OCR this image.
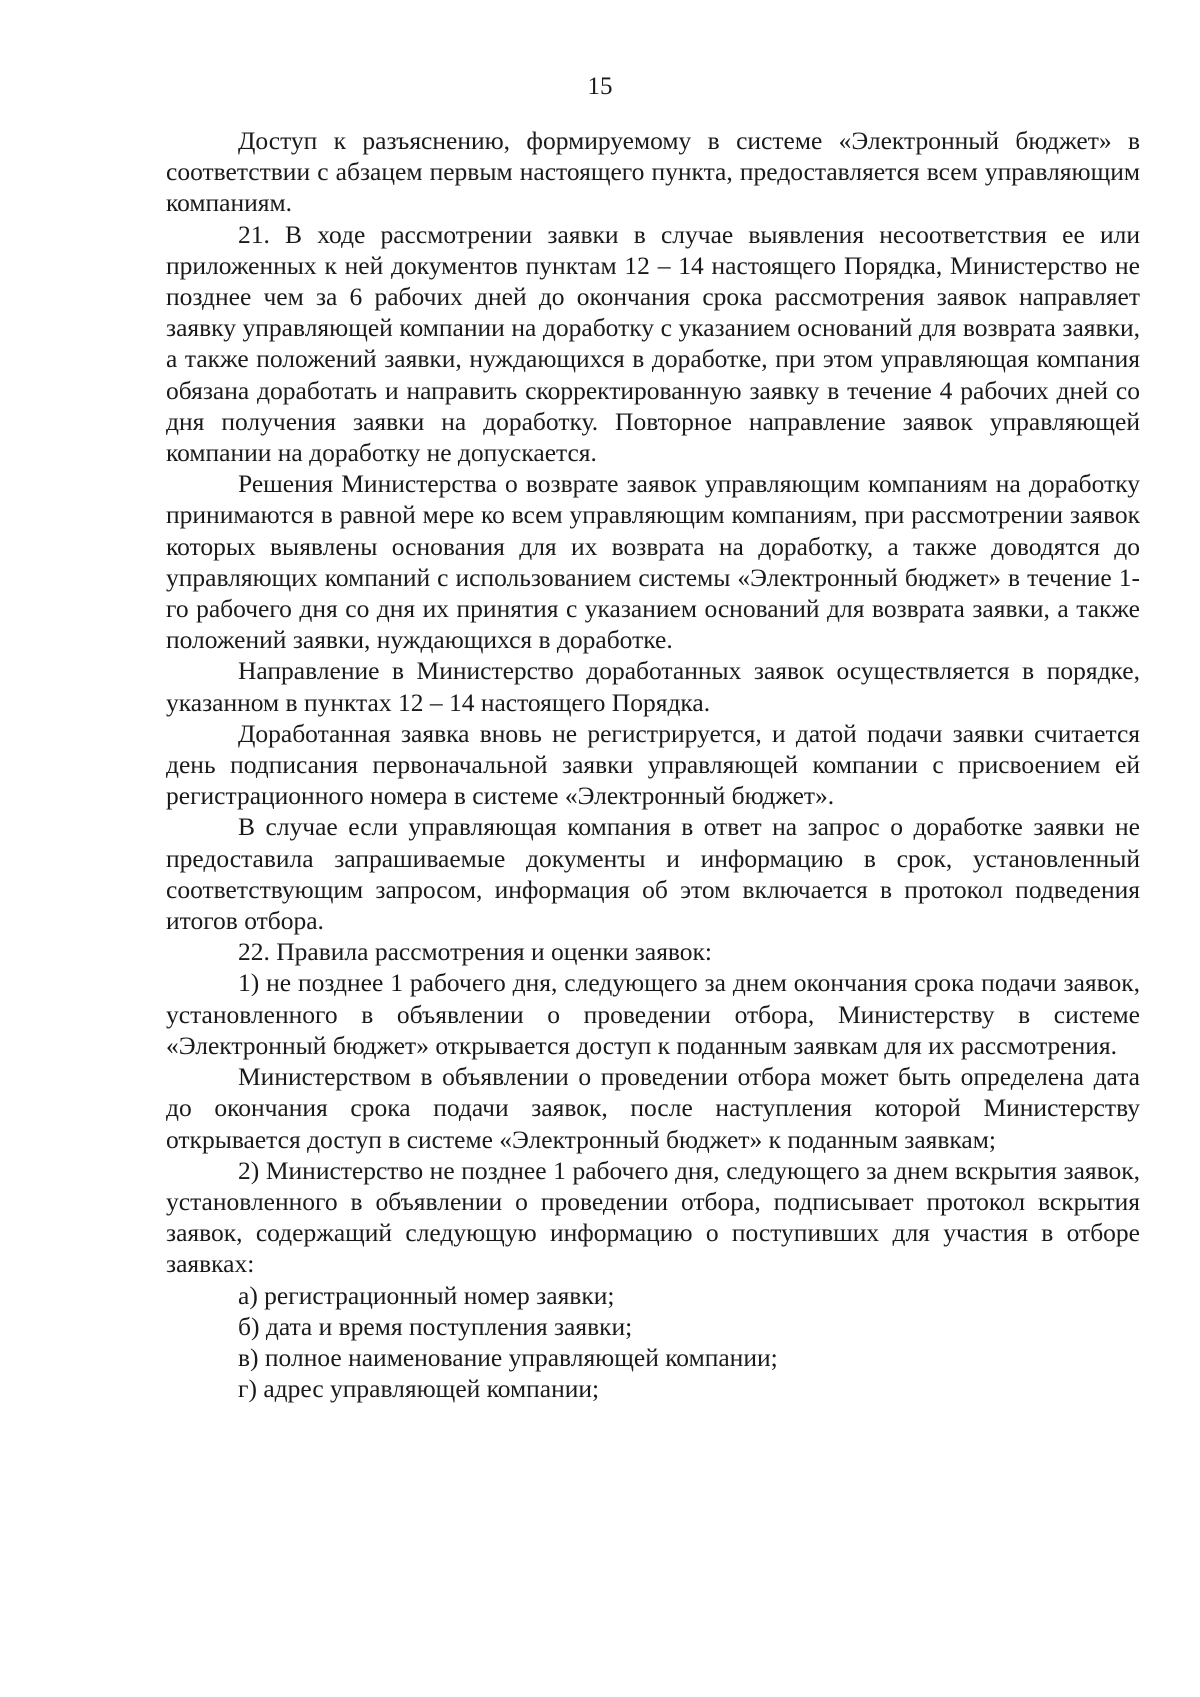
15

Доступ к разъяснению, формируемому в системе «Электронный бюджет» в соответствии с абзацем первым настоящего пункта, предоставляется всем управляющим компаниям.

21. В ходе рассмотрении заявки в случае выявления несоответствия ее или приложенных к ней документов пунктам 12 – 14 настоящего Порядка, Министерство не позднее чем за 6 рабочих дней до окончания срока рассмотрения заявок направляет заявку управляющей компании на доработку с указанием оснований для возврата заявки, а также положений заявки, нуждающихся в доработке, при этом управляющая компания обязана доработать и направить скорректированную заявку в течение 4 рабочих дней со дня получения заявки на доработку. Повторное направление заявок управляющей компании на доработку не допускается.

Решения Министерства о возврате заявок управляющим компаниям на доработку принимаются в равной мере ко всем управляющим компаниям, при рассмотрении заявок которых выявлены основания для их возврата на доработку, а также доводятся до управляющих компаний с использованием системы «Электронный бюджет» в течение 1-го рабочего дня со дня их принятия с указанием оснований для возврата заявки, а также положений заявки, нуждающихся в доработке.

Направление в Министерство доработанных заявок осуществляется в порядке, указанном в пунктах 12 – 14 настоящего Порядка.

Доработанная заявка вновь не регистрируется, и датой подачи заявки считается день подписания первоначальной заявки управляющей компании с присвоением ей регистрационного номера в системе «Электронный бюджет».

В случае если управляющая компания в ответ на запрос о доработке заявки не предоставила запрашиваемые документы и информацию в срок, установленный соответствующим запросом, информация об этом включается в протокол подведения итогов отбора.

22. Правила рассмотрения и оценки заявок:

1) не позднее 1 рабочего дня, следующего за днем окончания срока подачи заявок, установленного в объявлении о проведении отбора, Министерству в системе «Электронный бюджет» открывается доступ к поданным заявкам для их рассмотрения.

Министерством в объявлении о проведении отбора может быть определена дата до окончания срока подачи заявок, после наступления которой Министерству открывается доступ в системе «Электронный бюджет» к поданным заявкам;

2) Министерство не позднее 1 рабочего дня, следующего за днем вскрытия заявок, установленного в объявлении о проведении отбора, подписывает протокол вскрытия заявок, содержащий следующую информацию о поступивших для участия в отборе заявках:

а) регистрационный номер заявки;

б) дата и время поступления заявки;

в) полное наименование управляющей компании;

г) адрес управляющей компании;
